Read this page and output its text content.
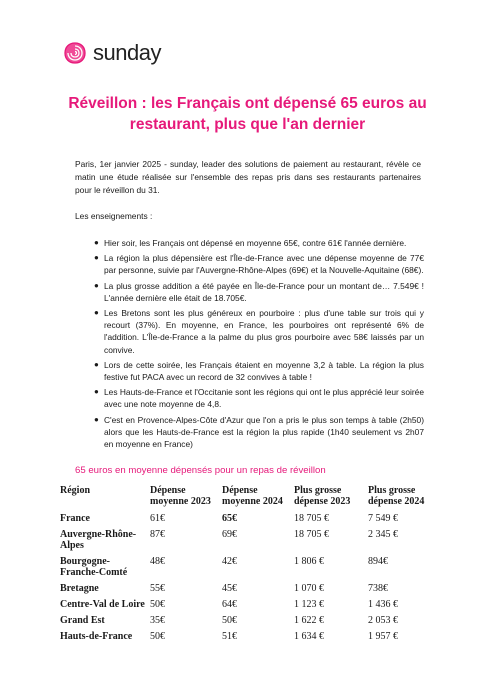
sunday
Réveillon : les Français ont dépensé 65 euros au restaurant, plus que l'an dernier

Paris, 1er janvier 2025 - sunday, leader des solutions de paiement au restaurant, révèle ce matin une étude réalisée sur l'ensemble des repas pris dans ses restaurants partenaires pour le réveillon du 31.

Les enseignements :

● Hier soir, les Français ont dépensé en moyenne 65€, contre 61€ l'année dernière.
● La région la plus dépensière est l'Île-de-France avec une dépense moyenne de 77€ par personne, suivie par l'Auvergne-Rhône-Alpes (69€) et la Nouvelle-Aquitaine (68€).
● La plus grosse addition a été payée en Île-de-France pour un montant de… 7.549€ ! L'année dernière elle était de 18.705€.
● Les Bretons sont les plus généreux en pourboire : plus d'une table sur trois qui y recourt (37%). En moyenne, en France, les pourboires ont représenté 6% de l'addition. L'Île-de-France a la palme du plus gros pourboire avec 58€ laissés par un convive.
● Lors de cette soirée, les Français étaient en moyenne 3,2 à table. La région la plus festive fut PACA avec un record de 32 convives à table !
● Les Hauts-de-France et l'Occitanie sont les régions qui ont le plus apprécié leur soirée avec une note moyenne de 4,8.
● C'est en Provence-Alpes-Côte d'Azur que l'on a pris le plus son temps à table (2h50) alors que les Hauts-de-France est la région la plus rapide (1h40 seulement vs 2h07 en moyenne en France)

65 euros en moyenne dépensés pour un repas de réveillon

Région	Dépense moyenne 2023	Dépense moyenne 2024	Plus grosse dépense 2023	Plus grosse dépense 2024
France	61€	65€	18 705 €	7 549 €
Auvergne-Rhône-Alpes	87€	69€	18 705 €	2 345 €
Bourgogne-Franche-Comté	48€	42€	1 806 €	894€
Bretagne	55€	45€	1 070 €	738€
Centre-Val de Loire	50€	64€	1 123 €	1 436 €
Grand Est	35€	50€	1 622 €	2 053 €
Hauts-de-France	50€	51€	1 634 €	1 957 €
